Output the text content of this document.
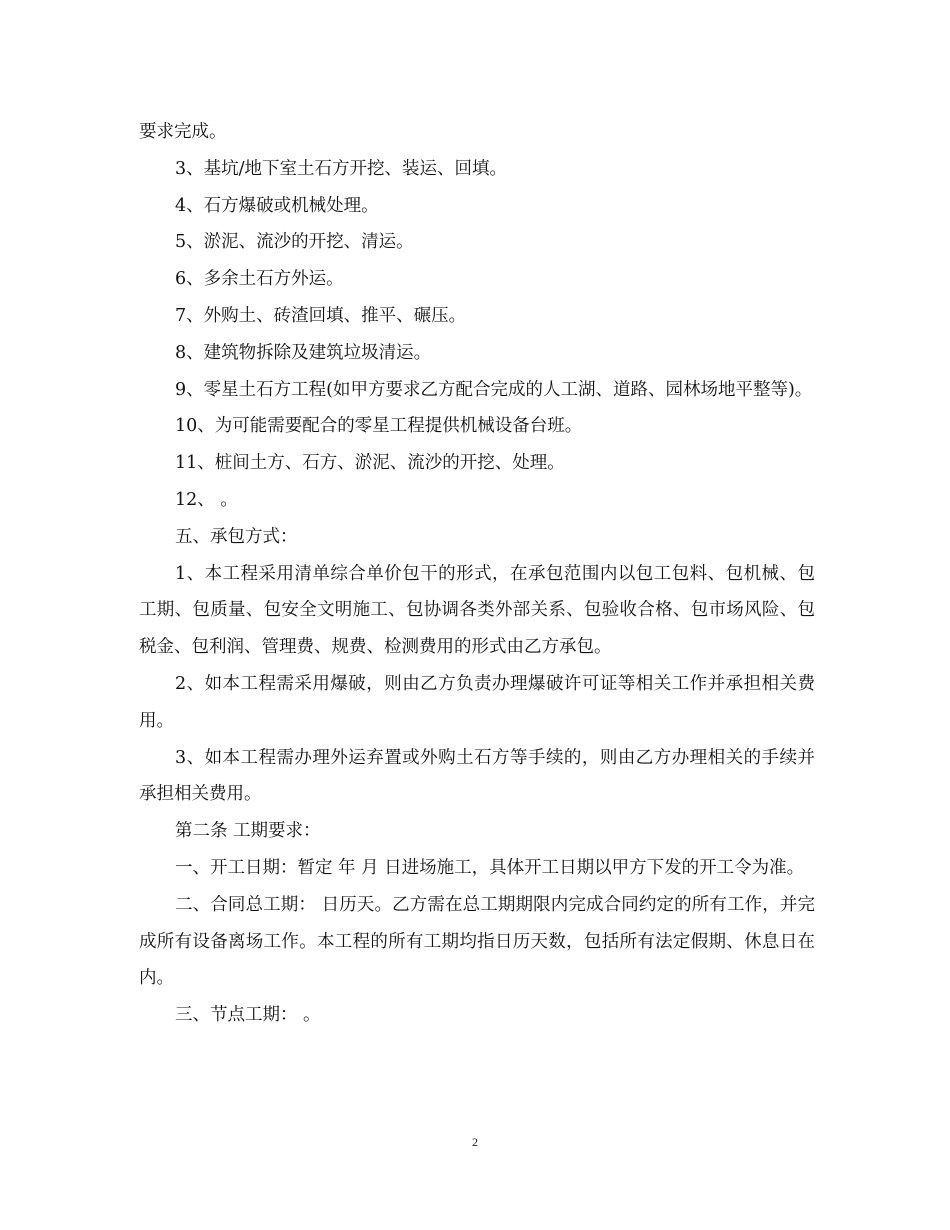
要求完成。

3、基坑/地下室土石方开挖、装运、回填。

4、石方爆破或机械处理。

5、淤泥、流沙的开挖、清运。

6、多余土石方外运。

7、外购土、砖渣回填、推平、碾压。

8、建筑物拆除及建筑垃圾清运。

9、零星土石方工程(如甲方要求乙方配合完成的人工湖、道路、园林场地平整等)。

10、为可能需要配合的零星工程提供机械设备台班。

11、桩间土方、石方、淤泥、流沙的开挖、处理。

12、 。

五、承包方式：

1、本工程采用清单综合单价包干的形式，在承包范围内以包工包料、包机械、包工期、包质量、包安全文明施工、包协调各类外部关系、包验收合格、包市场风险、包税金、包利润、管理费、规费、检测费用的形式由乙方承包。

2、如本工程需采用爆破，则由乙方负责办理爆破许可证等相关工作并承担相关费用。

3、如本工程需办理外运弃置或外购土石方等手续的，则由乙方办理相关的手续并承担相关费用。

第二条 工期要求：

一、开工日期：暂定 年 月 日进场施工，具体开工日期以甲方下发的开工令为准。

二、合同总工期： 日历天。乙方需在总工期期限内完成合同约定的所有工作，并完成所有设备离场工作。本工程的所有工期均指日历天数，包括所有法定假期、休息日在内。

三、节点工期： 。

2
